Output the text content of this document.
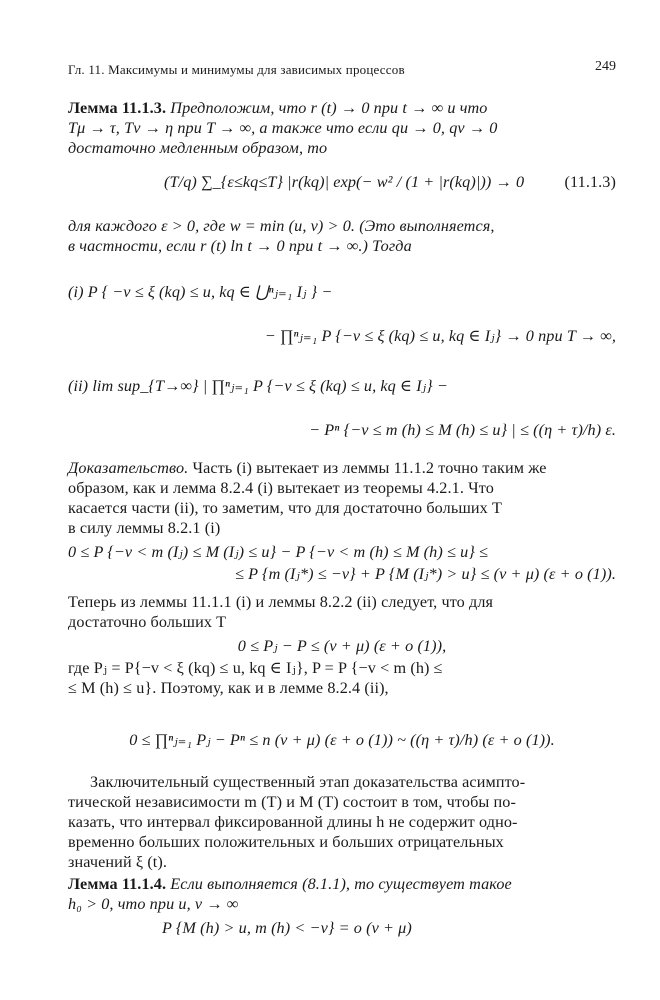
Гл. 11. Максимумы и минимумы для зависимых процессов	249
Лемма 11.1.3. Предположим, что r (t) → 0 при t → ∞ и что
Tμ → τ, Tν → η при T → ∞, а также что если qu → 0, qv → 0
достаточно медленным образом, то
(T/q) ∑_{ε≤kq≤T} |r(kq)| exp(− w² / (1 + |r(kq)|)) → 0 (11.1.3)
для каждого ε > 0, где w = min (u, v) > 0. (Это выполняется,
в частности, если r (t) ln t → 0 при t → ∞.) Тогда
(i) P { −v ≤ ξ (kq) ≤ u, kq ∈ ⋃ⁿⱼ₌₁ Iⱼ } −
− ∏ⁿⱼ₌₁ P {−v ≤ ξ (kq) ≤ u, kq ∈ Iⱼ} → 0 при T → ∞,
(ii) lim sup_{T→∞} | ∏ⁿⱼ₌₁ P {−v ≤ ξ (kq) ≤ u, kq ∈ Iⱼ} −
− Pⁿ {−v ≤ m (h) ≤ M (h) ≤ u} | ≤ ((η + τ)/h) ε.
Доказательство. Часть (i) вытекает из леммы 11.1.2 точно таким же
образом, как и лемма 8.2.4 (i) вытекает из теоремы 4.2.1. Что
касается части (ii), то заметим, что для достаточно больших T
в силу леммы 8.2.1 (i)
0 ≤ P {−v < m (Iⱼ) ≤ M (Iⱼ) ≤ u} − P {−v < m (h) ≤ M (h) ≤ u} ≤
≤ P {m (Iⱼ*) ≤ −v} + P {M (Iⱼ*) > u} ≤ (ν + μ) (ε + o (1)).
Теперь из леммы 11.1.1 (i) и леммы 8.2.2 (ii) следует, что для
достаточно больших T
0 ≤ Pⱼ − P ≤ (ν + μ) (ε + o (1)),
где Pⱼ = P{−v < ξ (kq) ≤ u, kq ∈ Iⱼ}, P = P {−v < m (h) ≤
≤ M (h) ≤ u}. Поэтому, как и в лемме 8.2.4 (ii),
0 ≤ ∏ⁿⱼ₌₁ Pⱼ − Pⁿ ≤ n (ν + μ) (ε + o (1)) ~ ((η + τ)/h) (ε + o (1)).
Заключительный существенный этап доказательства асимпто-
тической независимости m (T) и M (T) состоит в том, чтобы по-
казать, что интервал фиксированной длины h не содержит одно-
временно больших положительных и больших отрицательных
значений ξ (t).
Лемма 11.1.4. Если выполняется (8.1.1), то существует такое
h₀ > 0, что при u, v → ∞
P {M (h) > u, m (h) < −v} = o (ν + μ)
